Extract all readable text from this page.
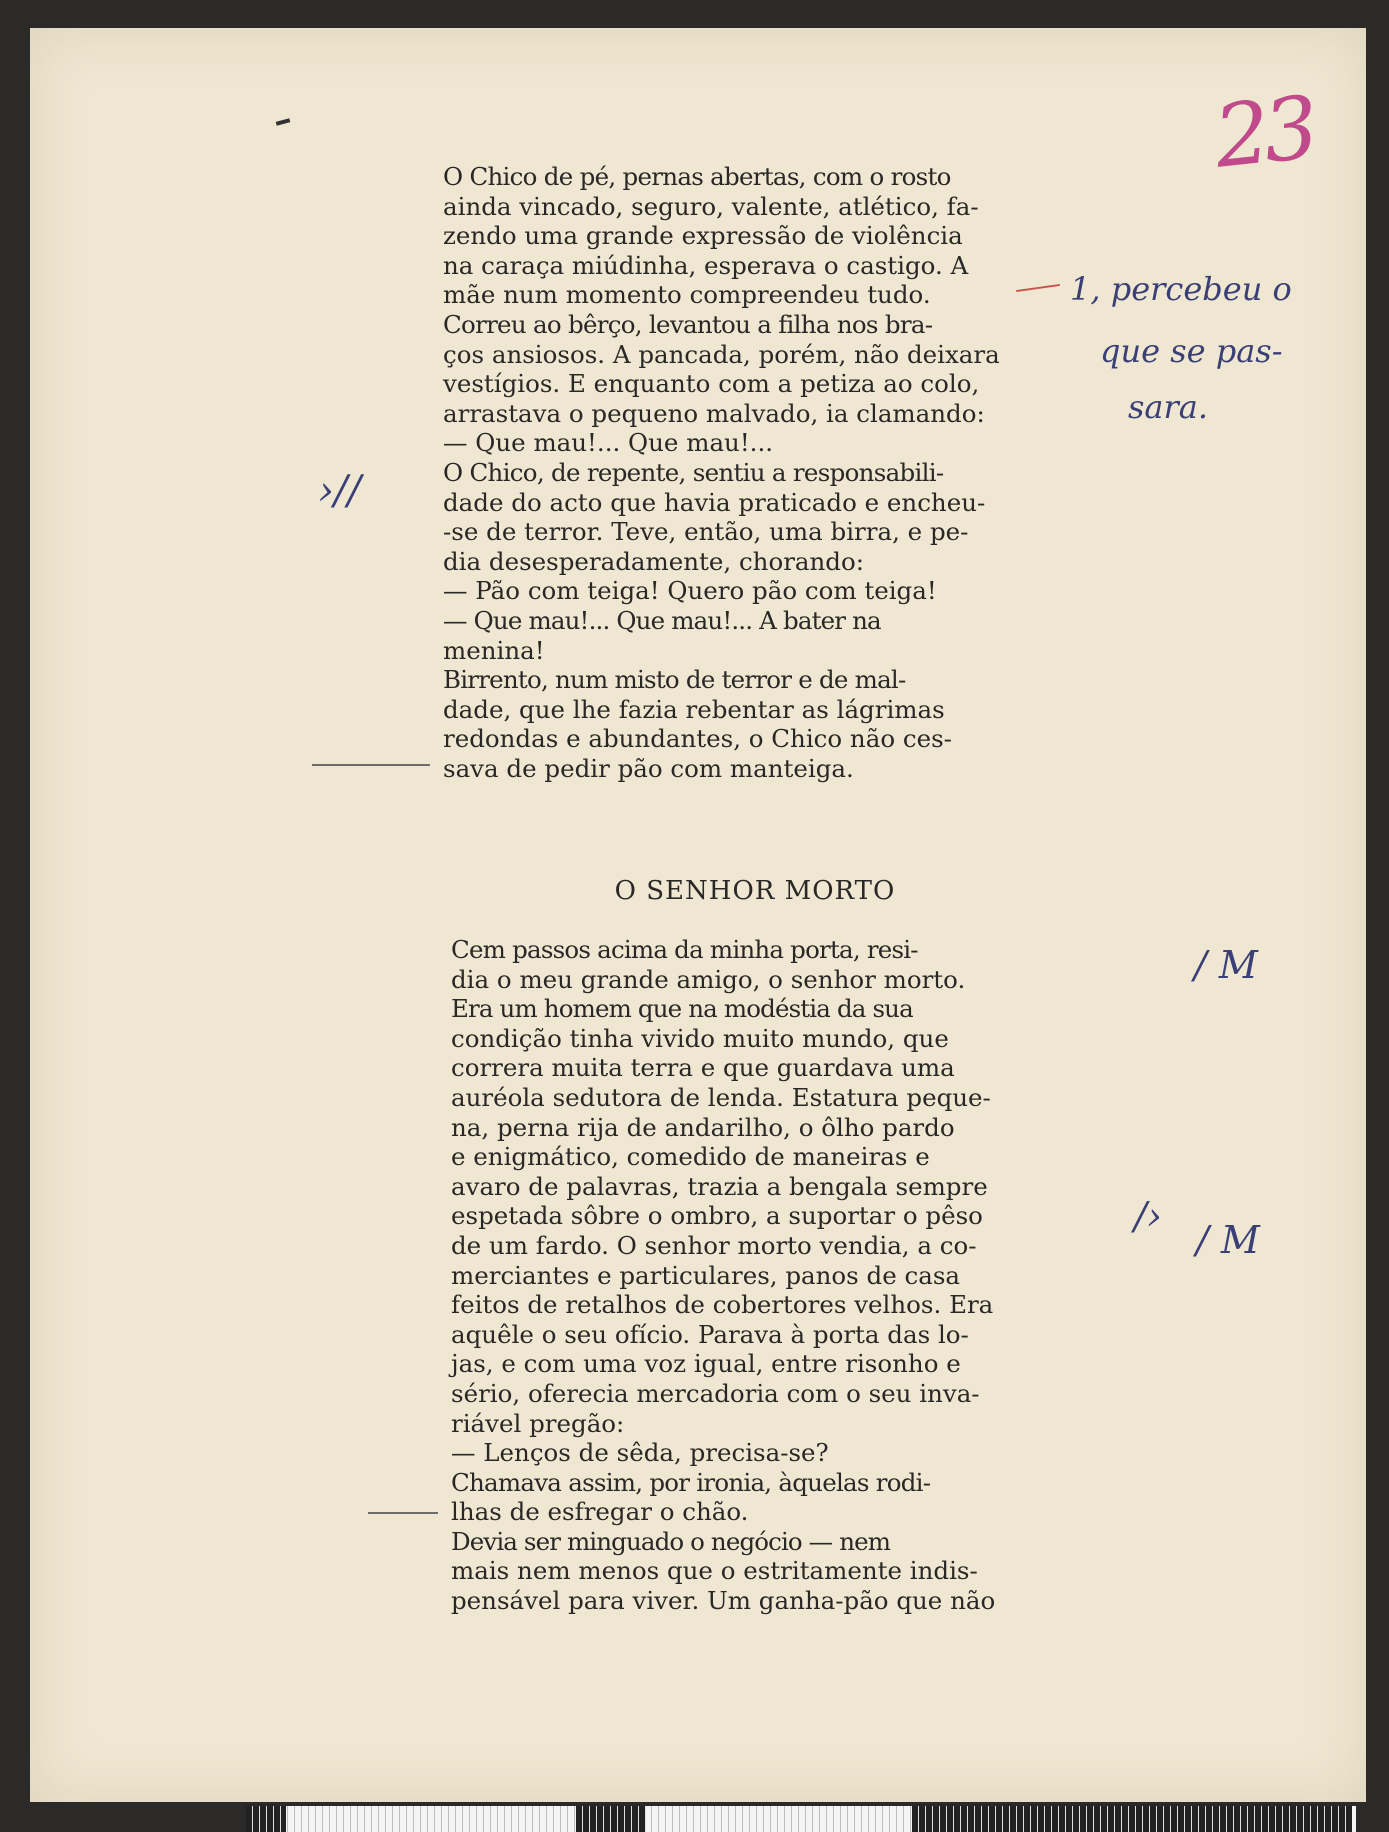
23
O Chico de pé, pernas abertas, com o rosto
ainda vincado, seguro, valente, atlético, fa-
zendo uma grande expressão de violência
na caraça miúdinha, esperava o castigo. A
mãe num momento compreendeu tudo.
Correu ao bêrço, levantou a filha nos bra-
ços ansiosos. A pancada, porém, não deixara
vestígios. E enquanto com a petiza ao colo,
arrastava o pequeno malvado, ia clamando:
— Que mau!... Que mau!...
O Chico, de repente, sentiu a responsabili-
dade do acto que havia praticado e encheu-
-se de terror. Teve, então, uma birra, e pe-
dia desesperadamente, chorando:
— Pão com teiga! Quero pão com teiga!
— Que mau!... Que mau!... A bater na
menina!
Birrento, num misto de terror e de mal-
dade, que lhe fazia rebentar as lágrimas
redondas e abundantes, o Chico não ces-
sava de pedir pão com manteiga.
O SENHOR MORTO
Cem passos acima da minha porta, resi-
dia o meu grande amigo, o senhor morto.
Era um homem que na modéstia da sua
condição tinha vivido muito mundo, que
correra muita terra e que guardava uma
auréola sedutora de lenda. Estatura peque-
na, perna rija de andarilho, o ôlho pardo
e enigmático, comedido de maneiras e
avaro de palavras, trazia a bengala sempre
espetada sôbre o ombro, a suportar o pêso
de um fardo. O senhor morto vendia, a co-
merciantes e particulares, panos de casa
feitos de retalhos de cobertores velhos. Era
aquêle o seu ofício. Parava à porta das lo-
jas, e com uma voz igual, entre risonho e
sério, oferecia mercadoria com o seu inva-
riável pregão:
— Lenços de sêda, precisa-se?
Chamava assim, por ironia, àquelas rodi-
lhas de esfregar o chão.
Devia ser minguado o negócio — nem
mais nem menos que o estritamente indis-
pensável para viver. Um ganha-pão que não
1, percebeu o
que se pas-
sara.
›//
/ M
/›
/ M
